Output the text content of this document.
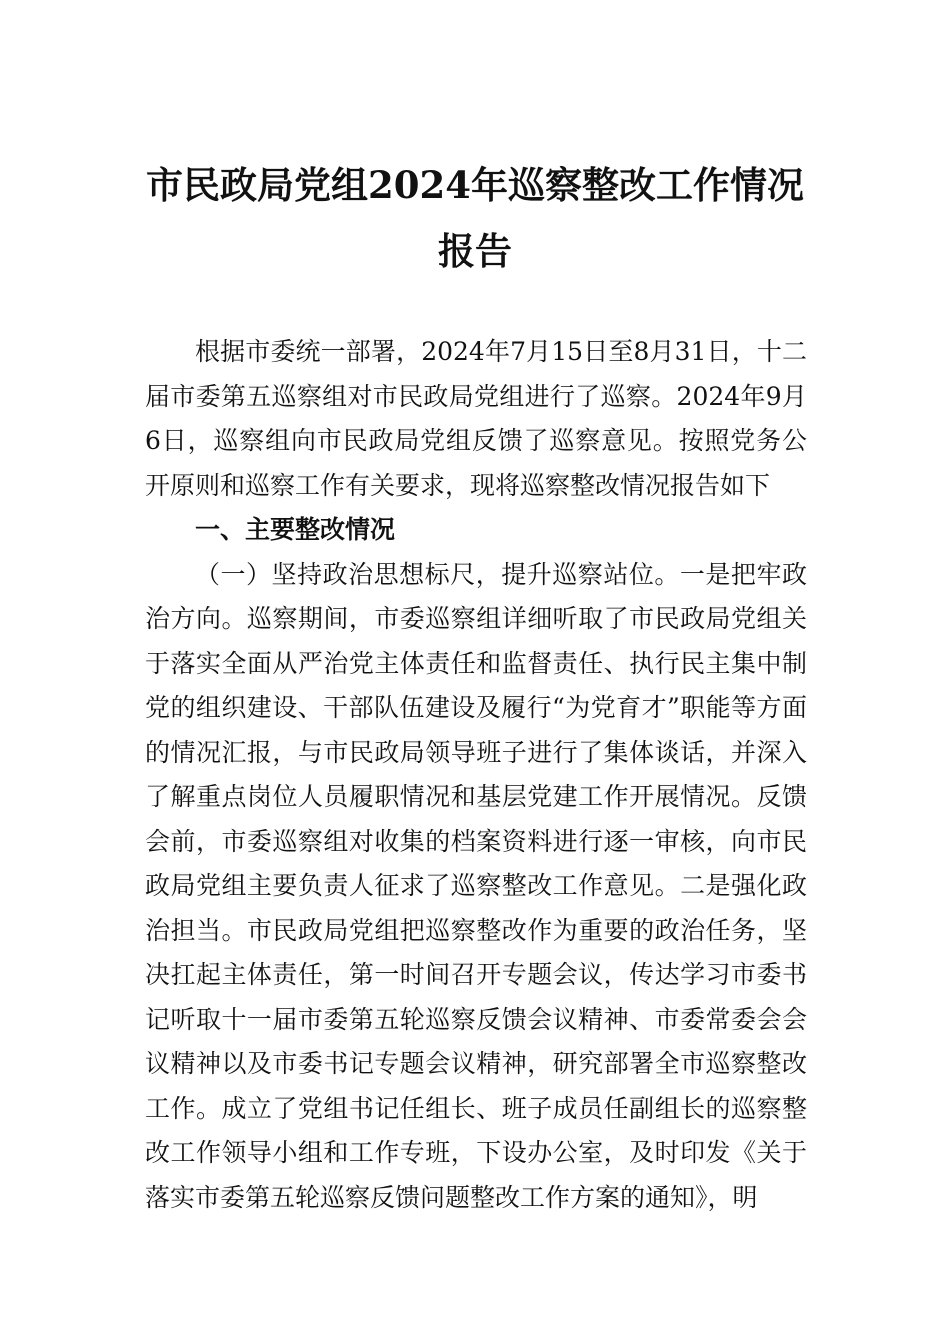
市民政局党组2024年巡察整改工作情况报告

根据市委统一部署，2024年7月15日至8月31日，十二届市委第五巡察组对市民政局党组进行了巡察。2024年9月6日，巡察组向市民政局党组反馈了巡察意见。按照党务公开原则和巡察工作有关要求，现将巡察整改情况报告如下

一、主要整改情况

（一）坚持政治思想标尺，提升巡察站位。一是把牢政治方向。巡察期间，市委巡察组详细听取了市民政局党组关于落实全面从严治党主体责任和监督责任、执行民主集中制党的组织建设、干部队伍建设及履行“为党育才”职能等方面的情况汇报，与市民政局领导班子进行了集体谈话，并深入了解重点岗位人员履职情况和基层党建工作开展情况。反馈会前，市委巡察组对收集的档案资料进行逐一审核，向市民政局党组主要负责人征求了巡察整改工作意见。二是强化政治担当。市民政局党组把巡察整改作为重要的政治任务，坚决扛起主体责任，第一时间召开专题会议，传达学习市委书记听取十一届市委第五轮巡察反馈会议精神、市委常委会会议精神以及市委书记专题会议精神，研究部署全市巡察整改工作。成立了党组书记任组长、班子成员任副组长的巡察整改工作领导小组和工作专班，下设办公室，及时印发《关于落实市委第五轮巡察反馈问题整改工作方案的通知》，明
